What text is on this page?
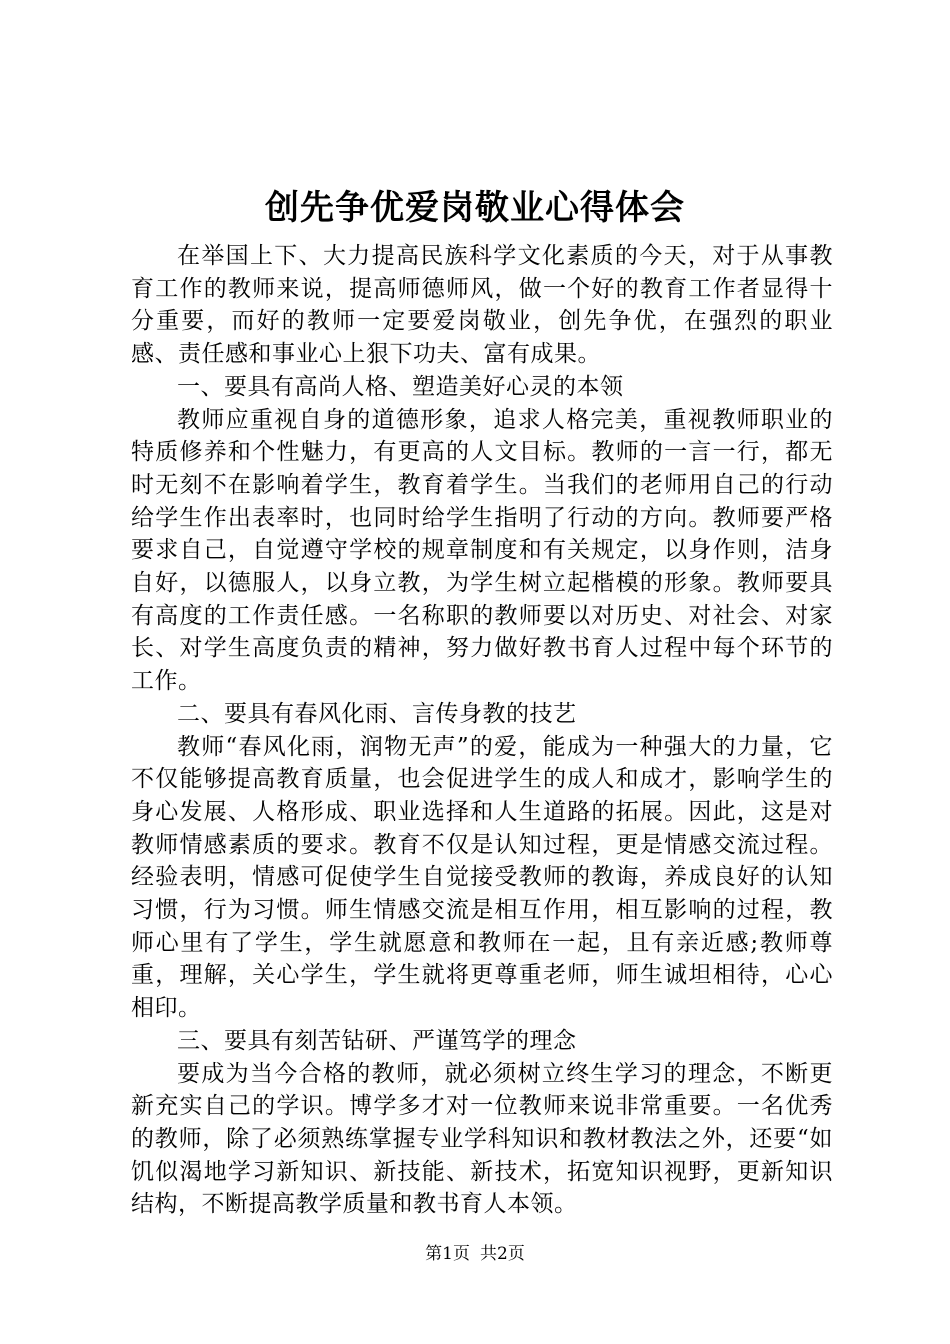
创先争优爱岗敬业心得体会

在举国上下、大力提高民族科学文化素质的今天，对于从事教育工作的教师来说，提高师德师风，做一个好的教育工作者显得十分重要，而好的教师一定要爱岗敬业，创先争优，在强烈的职业感、责任感和事业心上狠下功夫、富有成果。

一、要具有高尚人格、塑造美好心灵的本领

教师应重视自身的道德形象，追求人格完美，重视教师职业的特质修养和个性魅力，有更高的人文目标。教师的一言一行，都无时无刻不在影响着学生，教育着学生。当我们的老师用自己的行动给学生作出表率时，也同时给学生指明了行动的方向。教师要严格要求自己，自觉遵守学校的规章制度和有关规定，以身作则，洁身自好，以德服人，以身立教，为学生树立起楷模的形象。教师要具有高度的工作责任感。一名称职的教师要以对历史、对社会、对家长、对学生高度负责的精神，努力做好教书育人过程中每个环节的工作。

二、要具有春风化雨、言传身教的技艺

教师“春风化雨，润物无声”的爱，能成为一种强大的力量，它不仅能够提高教育质量，也会促进学生的成人和成才，影响学生的身心发展、人格形成、职业选择和人生道路的拓展。因此，这是对教师情感素质的要求。教育不仅是认知过程，更是情感交流过程。经验表明，情感可促使学生自觉接受教师的教诲，养成良好的认知习惯，行为习惯。师生情感交流是相互作用，相互影响的过程，教师心里有了学生，学生就愿意和教师在一起，且有亲近感;教师尊重，理解，关心学生，学生就将更尊重老师，师生诚坦相待，心心相印。

三、要具有刻苦钻研、严谨笃学的理念

要成为当今合格的教师，就必须树立终生学习的理念，不断更新充实自己的学识。博学多才对一位教师来说非常重要。一名优秀的教师，除了必须熟练掌握专业学科知识和教材教法之外，还要“如饥似渴地学习新知识、新技能、新技术，拓宽知识视野，更新知识结构，不断提高教学质量和教书育人本领。

第1页 共2页
